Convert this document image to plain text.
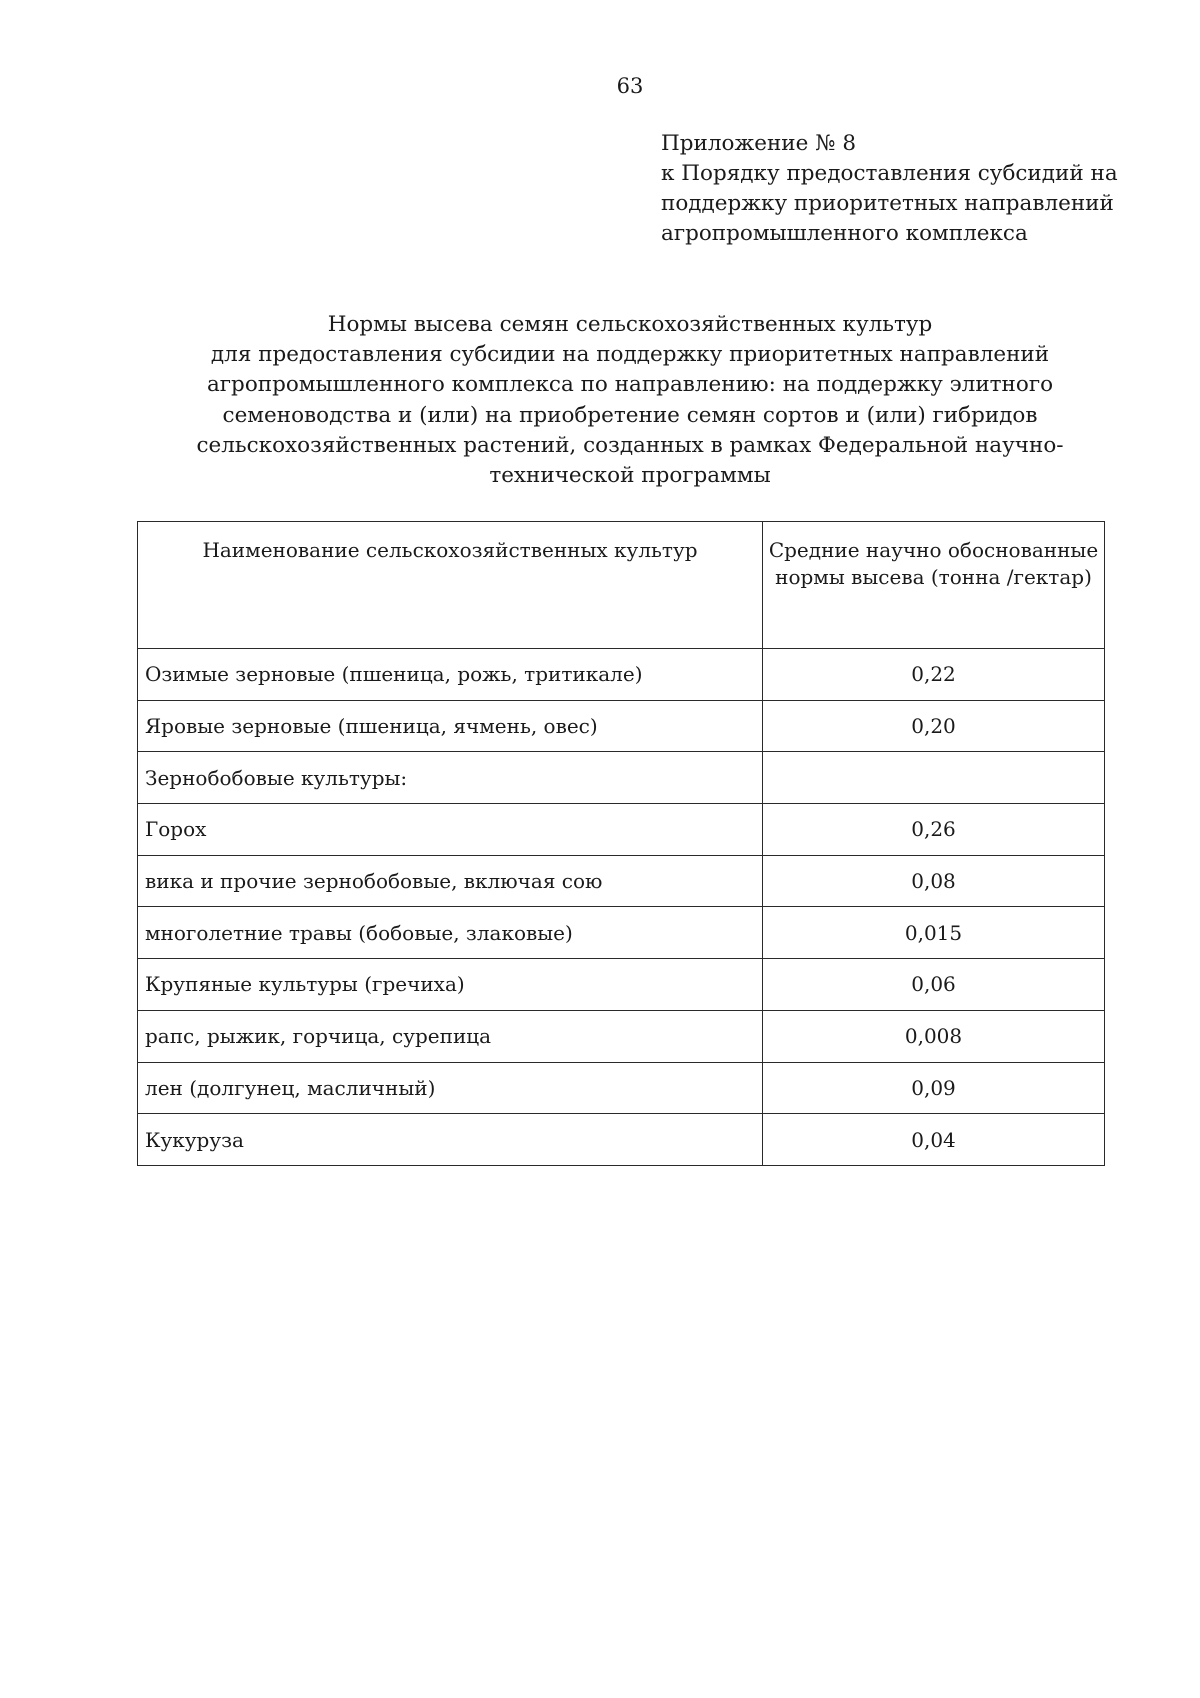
63
Приложение № 8
к Порядку предоставления субсидий на
поддержку приоритетных направлений
агропромышленного комплекса
Нормы высева семян сельскохозяйственных культур
для предоставления субсидии на поддержку приоритетных направлений
агропромышленного комплекса по направлению: на поддержку элитного
семеноводства и (или) на приобретение семян сортов и (или) гибридов
сельскохозяйственных растений, созданных в рамках Федеральной научно-
технической программы
Наименование сельскохозяйственных культур	Средние научно обоснованные
нормы высева (тонна /гектар)

Озимые зерновые (пшеница, рожь, тритикале)	0,22
Яровые зерновые (пшеница, ячмень, овес)	0,20
Зернобобовые культуры:	
Горох	0,26
вика и прочие зернобобовые, включая сою	0,08
многолетние травы (бобовые, злаковые)	0,015
Крупяные культуры (гречиха)	0,06
рапс, рыжик, горчица, сурепица	0,008
лен (долгунец, масличный)	0,09
Кукуруза	0,04
